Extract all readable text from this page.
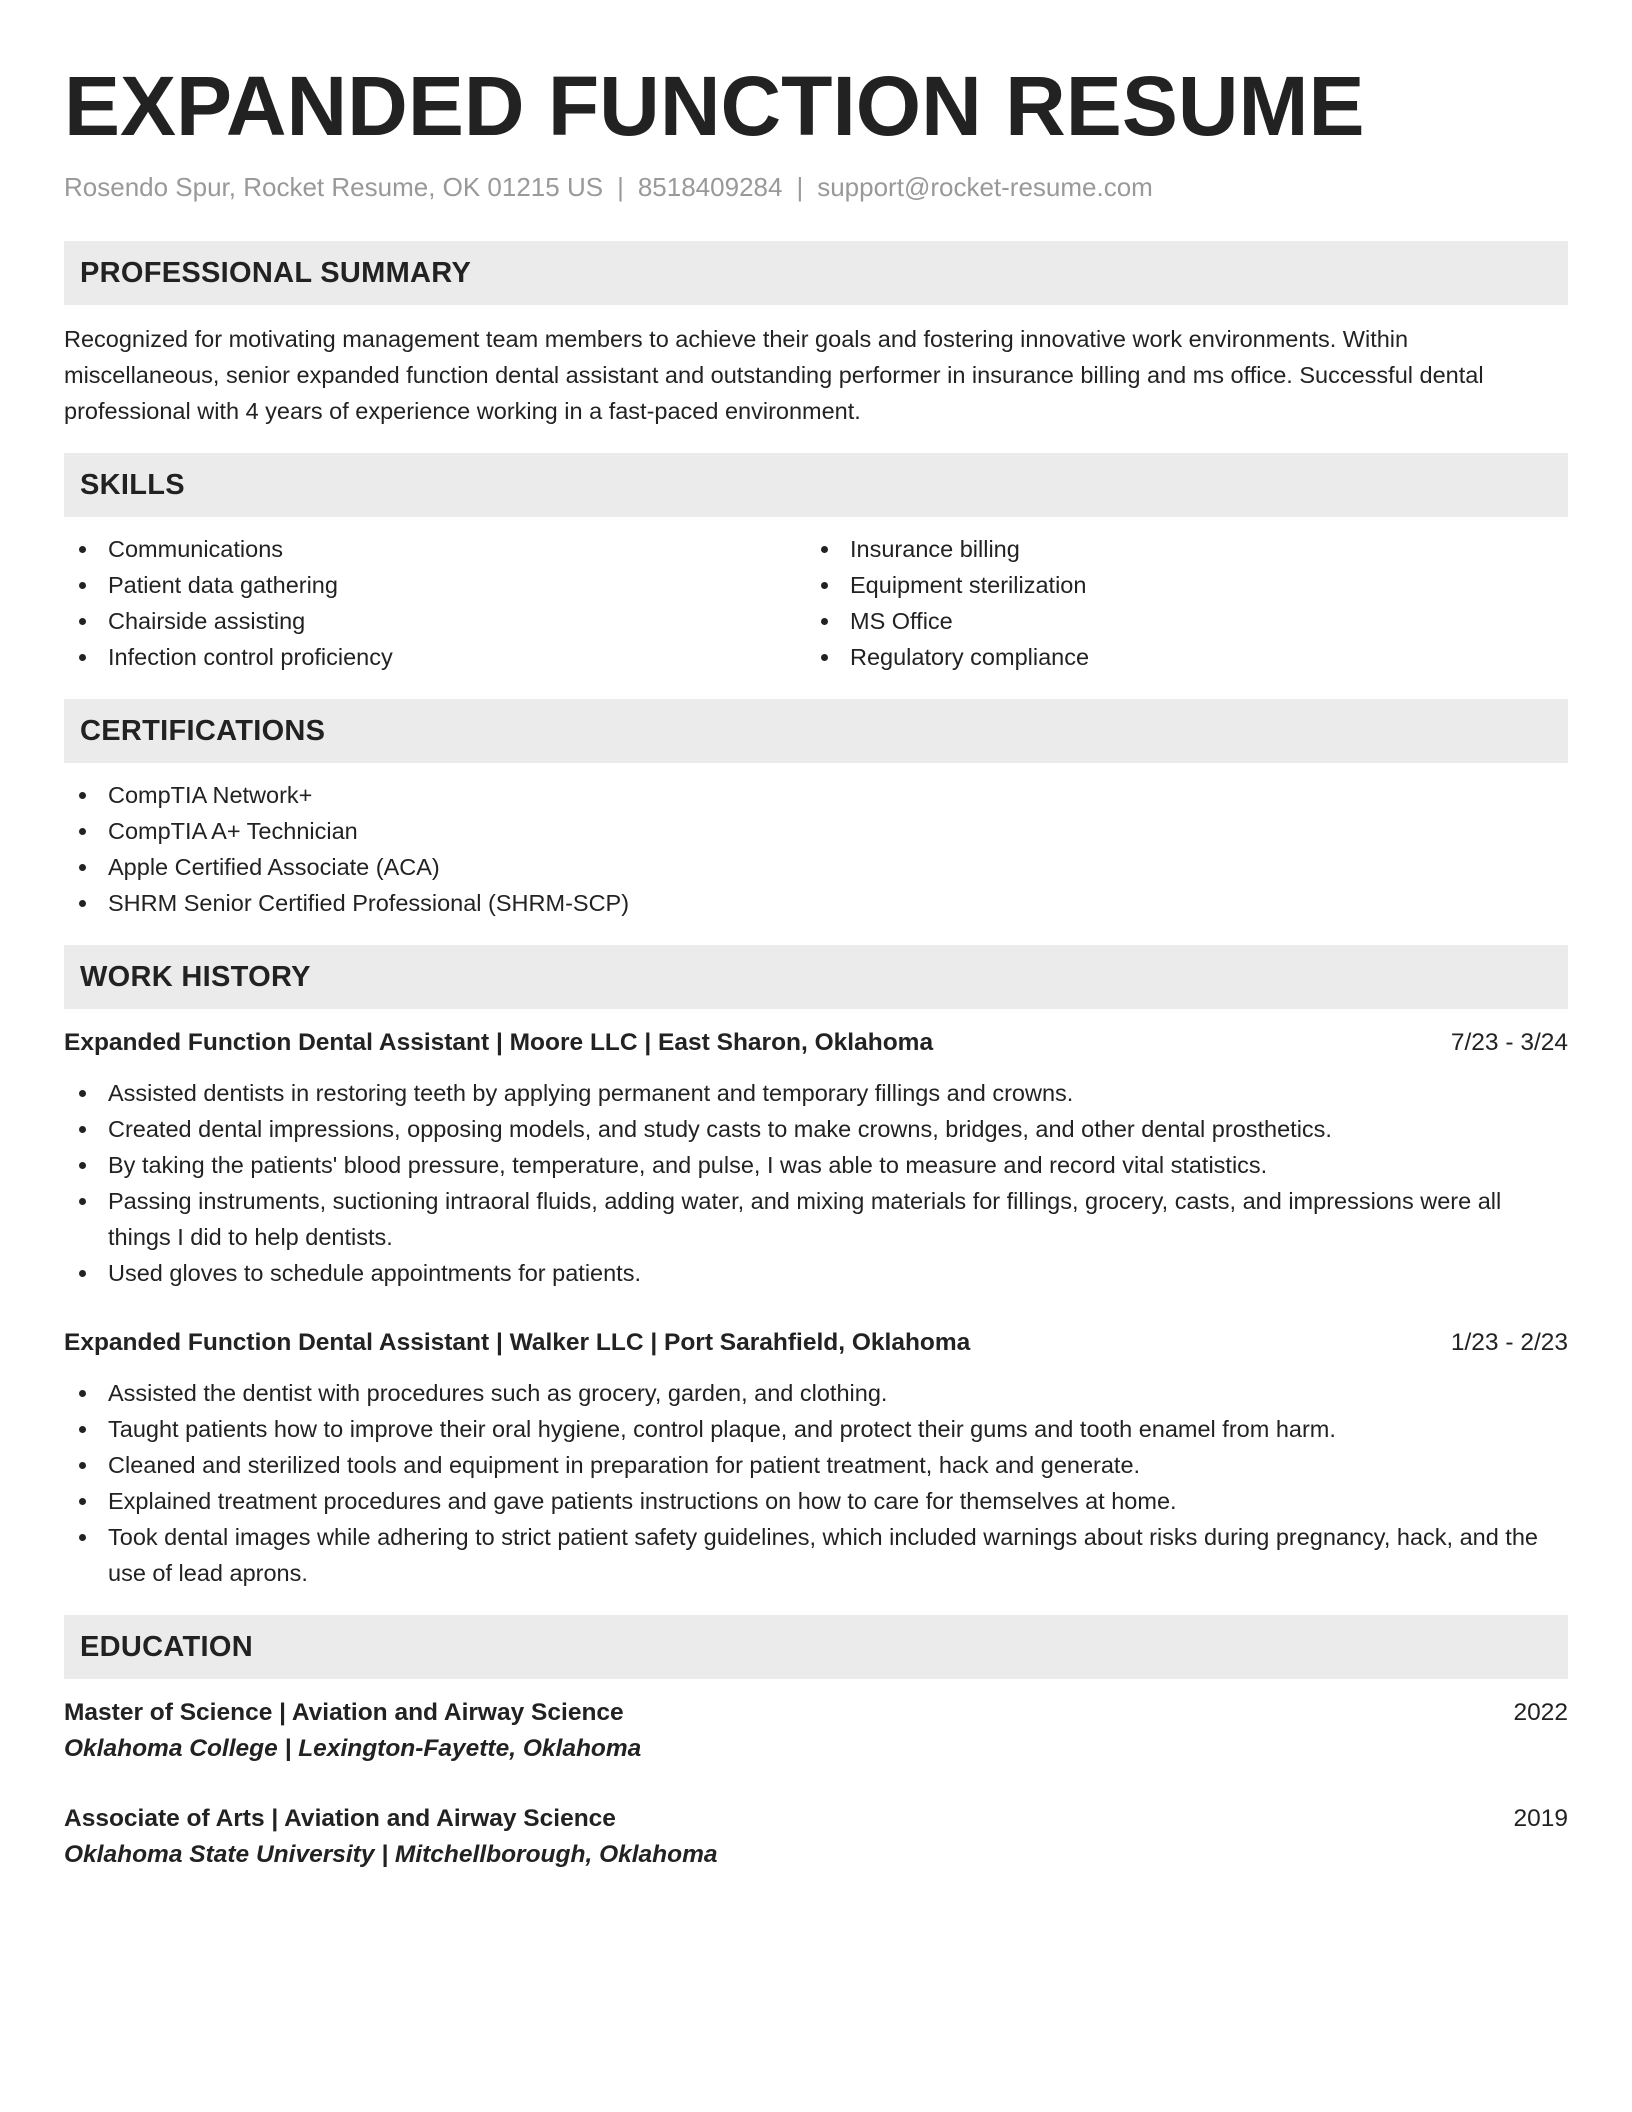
EXPANDED FUNCTION RESUME
Rosendo Spur, Rocket Resume, OK 01215 US | 8518409284 | support@rocket-resume.com
PROFESSIONAL SUMMARY
Recognized for motivating management team members to achieve their goals and fostering innovative work environments. Within miscellaneous, senior expanded function dental assistant and outstanding performer in insurance billing and ms office. Successful dental professional with 4 years of experience working in a fast-paced environment.
SKILLS
Communications
Patient data gathering
Chairside assisting
Infection control proficiency
Insurance billing
Equipment sterilization
MS Office
Regulatory compliance
CERTIFICATIONS
CompTIA Network+
CompTIA A+ Technician
Apple Certified Associate (ACA)
SHRM Senior Certified Professional (SHRM-SCP)
WORK HISTORY
Expanded Function Dental Assistant | Moore LLC | East Sharon, Oklahoma	7/23 - 3/24
Assisted dentists in restoring teeth by applying permanent and temporary fillings and crowns.
Created dental impressions, opposing models, and study casts to make crowns, bridges, and other dental prosthetics.
By taking the patients' blood pressure, temperature, and pulse, I was able to measure and record vital statistics.
Passing instruments, suctioning intraoral fluids, adding water, and mixing materials for fillings, grocery, casts, and impressions were all things I did to help dentists.
Used gloves to schedule appointments for patients.
Expanded Function Dental Assistant | Walker LLC | Port Sarahfield, Oklahoma	1/23 - 2/23
Assisted the dentist with procedures such as grocery, garden, and clothing.
Taught patients how to improve their oral hygiene, control plaque, and protect their gums and tooth enamel from harm.
Cleaned and sterilized tools and equipment in preparation for patient treatment, hack and generate.
Explained treatment procedures and gave patients instructions on how to care for themselves at home.
Took dental images while adhering to strict patient safety guidelines, which included warnings about risks during pregnancy, hack, and the use of lead aprons.
EDUCATION
Master of Science | Aviation and Airway Science	2022
Oklahoma College | Lexington-Fayette, Oklahoma
Associate of Arts | Aviation and Airway Science	2019
Oklahoma State University | Mitchellborough, Oklahoma
